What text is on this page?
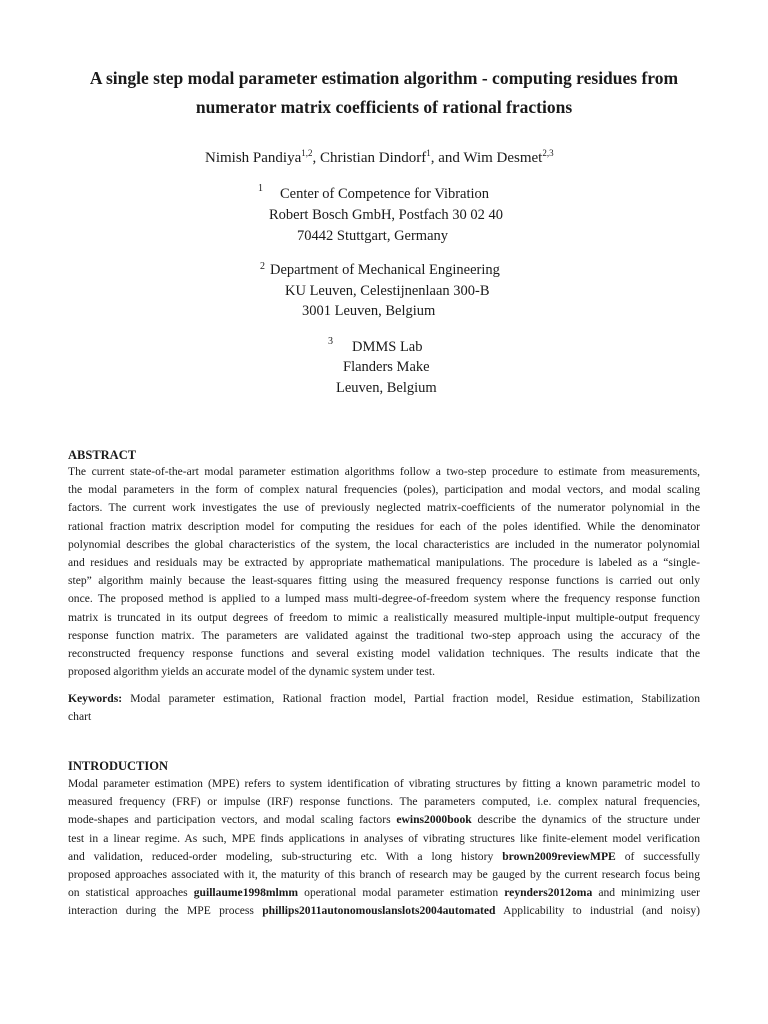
A single step modal parameter estimation algorithm - computing residues from
numerator matrix coefficients of rational fractions
Nimish Pandiya$^{1,2}$, Christian Dindorf$^1$, and Wim Desmet$^{2,3}$
1 Center of Competence for Vibration
Robert Bosch GmbH, Postfach 30 02 40
70442 Stuttgart, Germany
2 Department of Mechanical Engineering
KU Leuven, Celestijnenlaan 300-B
3001 Leuven, Belgium
3 DMMS Lab
Flanders Make
Leuven, Belgium
ABSTRACT
The current state-of-the-art modal parameter estimation algorithms follow a two-step procedure to estimate from measurements,
the modal parameters in the form of complex natural frequencies (poles), participation and modal vectors, and modal scaling
factors. The current work investigates the use of previously neglected matrix-coefficients of the numerator polynomial in the
rational fraction matrix description model for computing the residues for each of the poles identified. While the denominator
polynomial describes the global characteristics of the system, the local characteristics are included in the numerator polynomial
and residues and residuals may be extracted by appropriate mathematical manipulations. The procedure is labeled as a “single-
step” algorithm mainly because the least-squares fitting using the measured frequency response functions is carried out only
once. The proposed method is applied to a lumped mass multi-degree-of-freedom system where the frequency response function
matrix is truncated in its output degrees of freedom to mimic a realistically measured multiple-input multiple-output frequency
response function matrix. The parameters are validated against the traditional two-step approach using the accuracy of the
reconstructed frequency response functions and several existing model validation techniques. The results indicate that the
proposed algorithm yields an accurate model of the dynamic system under test.
Keywords: Modal parameter estimation, Rational fraction model, Partial fraction model, Residue estimation, Stabilization
chart
INTRODUCTION
Modal parameter estimation (MPE) refers to system identification of vibrating structures by fitting a known parametric model to
measured frequency (FRF) or impulse (IRF) response functions. The parameters computed, i.e. complex natural frequencies,
mode-shapes and participation vectors, and modal scaling factors ewins2000book describe the dynamics of the structure under
test in a linear regime. As such, MPE finds applications in analyses of vibrating structures like finite-element model verification
and validation, reduced-order modeling, sub-structuring etc. With a long history brown2009reviewMPE of successfully
proposed approaches associated with it, the maturity of this branch of research may be gauged by the current research focus being
on statistical approaches guillaume1998mlmm operational modal parameter estimation reynders2012oma and minimizing user
interaction during the MPE process phillips2011autonomouslanslots2004automated Applicability to industrial (and noisy)
